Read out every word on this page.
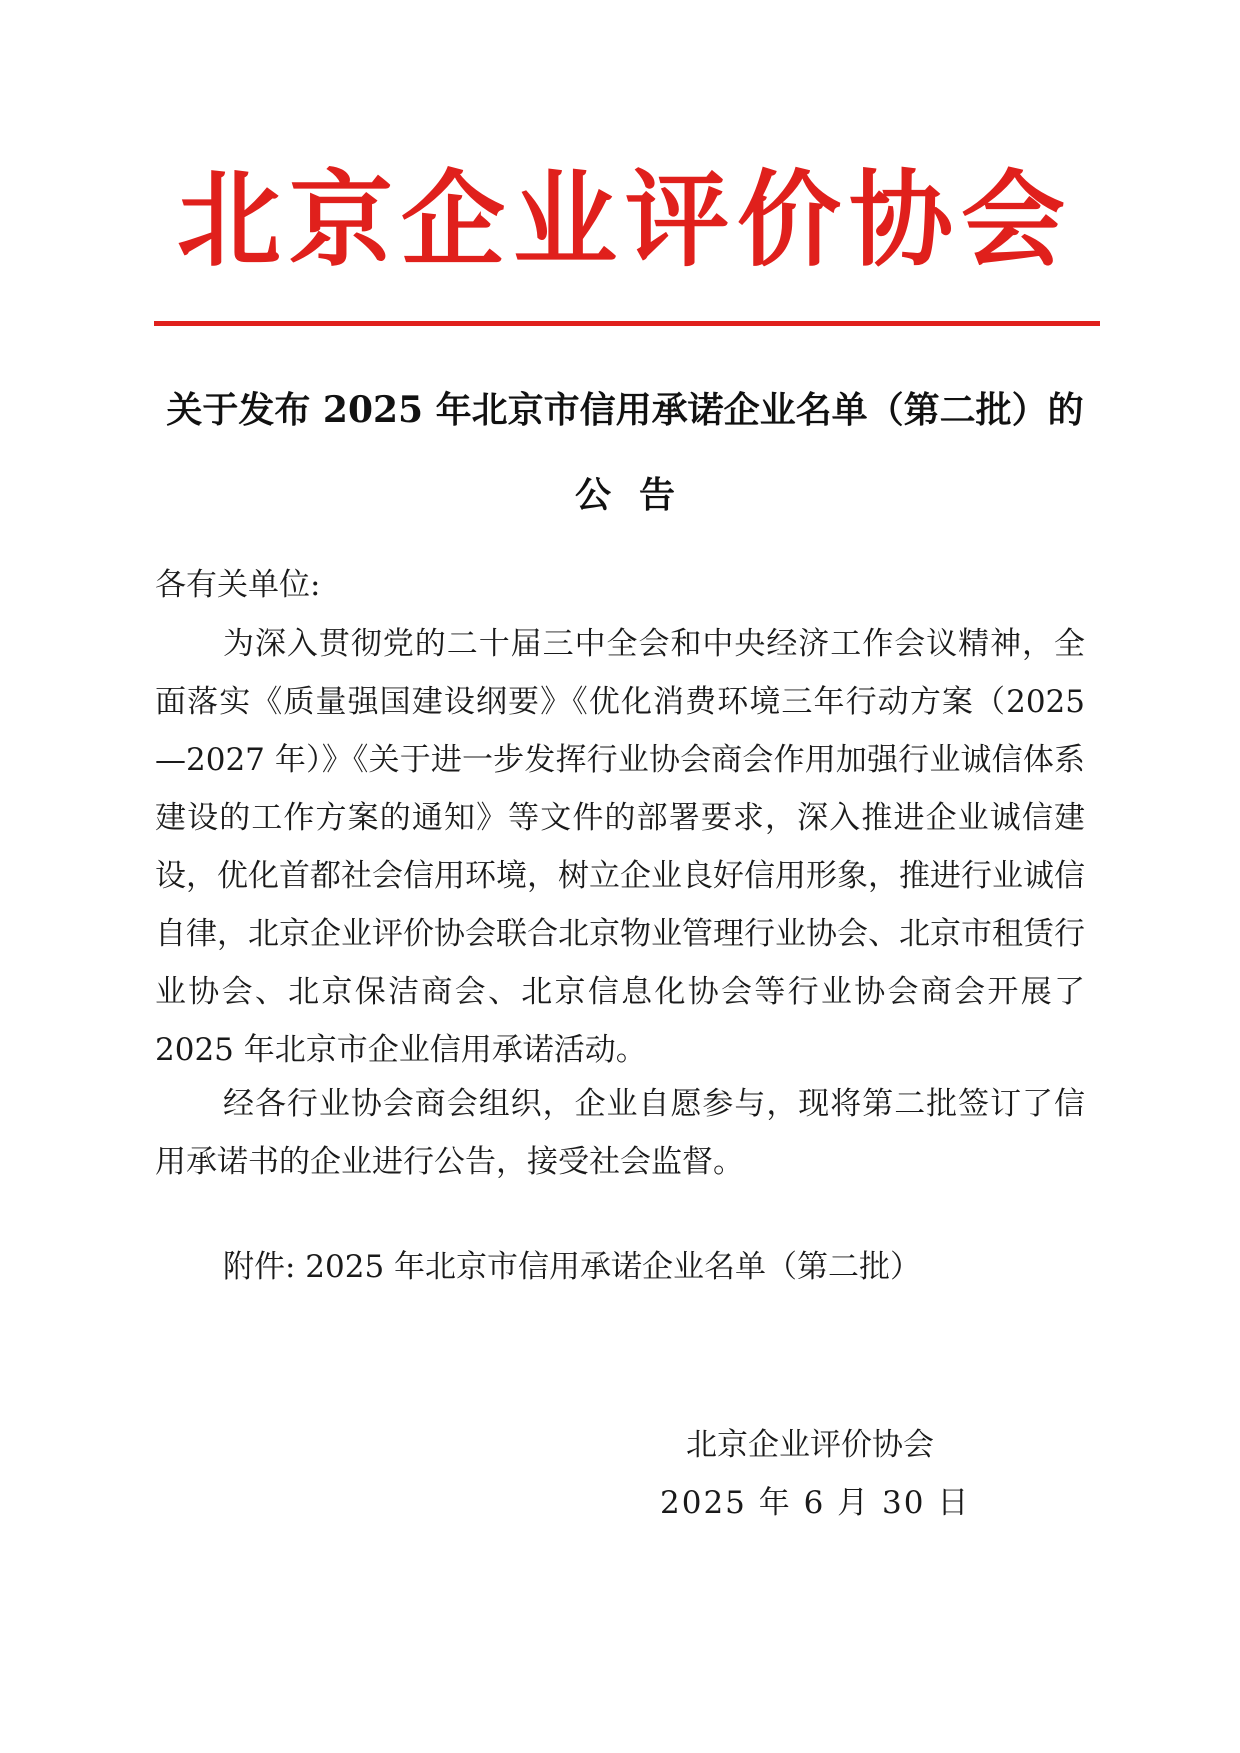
北京企业评价协会
关于发布 2025 年北京市信用承诺企业名单（第二批）的
公告
各有关单位:

为深入贯彻党的二十届三中全会和中央经济工作会议精神，全面落实《质量强国建设纲要》《优化消费环境三年行动方案（2025—2027 年）》《关于进一步发挥行业协会商会作用加强行业诚信体系建设的工作方案的通知》等文件的部署要求，深入推进企业诚信建设，优化首都社会信用环境，树立企业良好信用形象，推进行业诚信自律，北京企业评价协会联合北京物业管理行业协会、北京市租赁行业协会、北京保洁商会、北京信息化协会等行业协会商会开展了 2025 年北京市企业信用承诺活动。

经各行业协会商会组织，企业自愿参与，现将第二批签订了信用承诺书的企业进行公告，接受社会监督。

附件: 2025 年北京市信用承诺企业名单（第二批）
北京企业评价协会
2025 年 6 月 30 日
